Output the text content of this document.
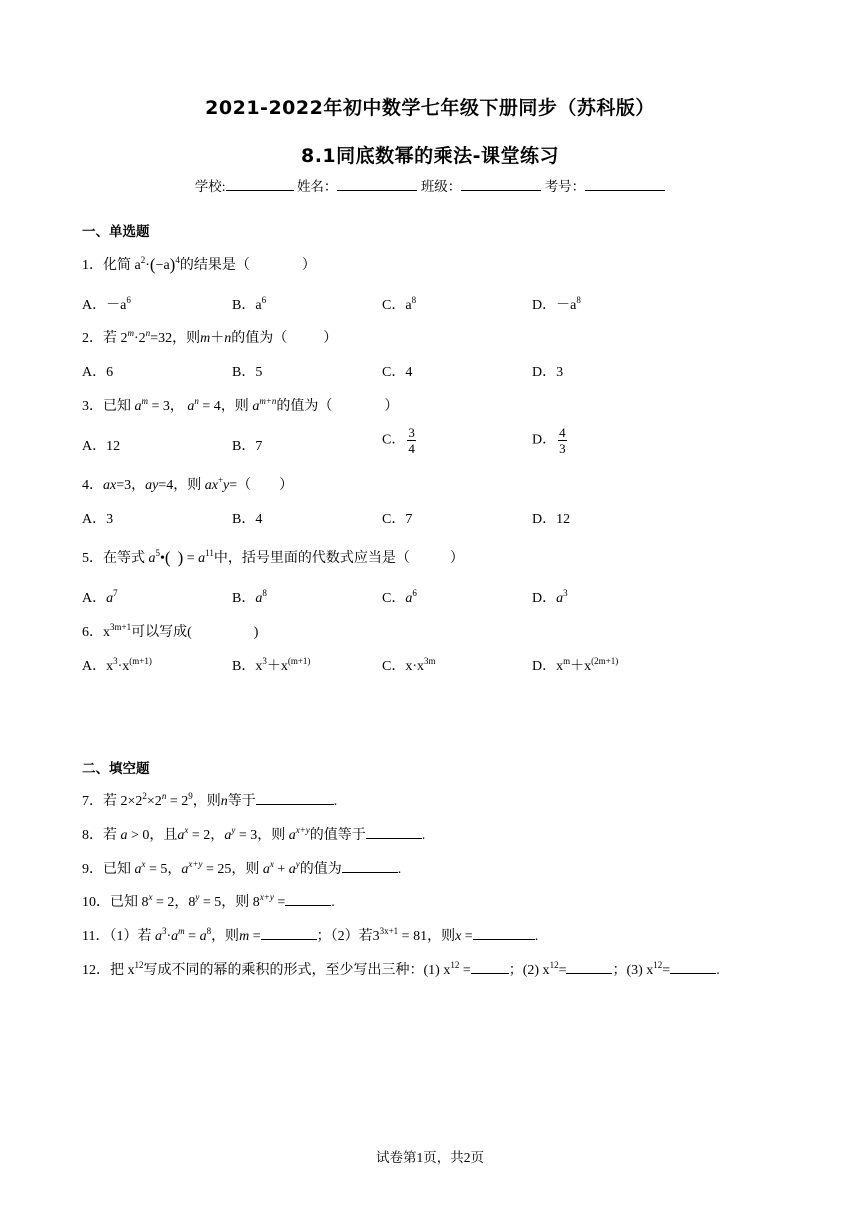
2021-2022年初中数学七年级下册同步（苏科版）
8.1同底数幂的乘法-课堂练习
学校:	姓名：	班级：	考号：
一、单选题
1．化简 $a^2\cdot(-a)^4$的结果是（	）
A．$-a^6$	B．$a^6$	C．$a^8$	D．$-a^8$
2．若 $2^m\cdot 2^n=32$，则m＋n的值为（	）
A．6	B．5	C．4	D．3
3．已知 $a^m = 3$， $a^n = 4$，则 $a^{m+n}$的值为（	）
A．12	B．7	C． $\frac{3}{4}$	D． $\frac{4}{3}$
4．ax=3，ay=4，则 ax+y=（ ）
A．3	B．4	C．7	D．12
5．在等式 $a^5•$( ) = $a^{11}$中，括号里面的代数式应当是（	）
A．$a^7$	B．$a^8$	C．$a^6$	D．$a^3$
6．$x^{3m+1}$可以写成(	)
A．$x^3\cdot x^{(m+1)}$	B．$x^3+x^{(m+1)}$	C．$x\cdot x^{3m}$	D．$x^m+x^{(2m+1)}$
二、填空题
7．若 $2\times 2^2\times 2^n = 2^9$，则n等于	.
8．若 a > 0，且$a^x = 2$，$a^y = 3$，则 $a^{x+y}$的值等于	.
9．已知 $a^x = 5$，$a^{x+y} = 25$，则 $a^x + a^y$的值为	.
10．已知 $8^x = 2$，$8^y = 5$，则 $8^{x+y}$ =	.
11．（1）若 $a^3\cdot a^m = a^8$，则m =	；（2）若$3^{3x+1} = 81$，则x =	.
12．把 $x^{12}$写成不同的幂的乘积的形式，至少写出三种：(1) $x^{12}$ =	；(2) $x^{12}=$	；(3) $x^{12}=$	.
试卷第1页，共2页
